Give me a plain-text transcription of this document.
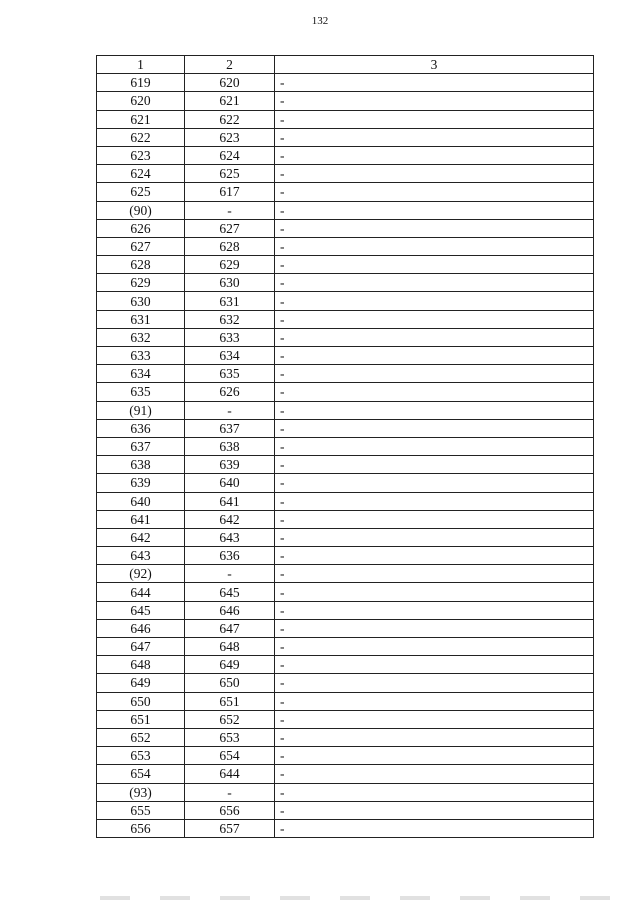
132
1	2	3
619	620	-
620	621	-
621	622	-
622	623	-
623	624	-
624	625	-
625	617	-
(90)	-	-
626	627	-
627	628	-
628	629	-
629	630	-
630	631	-
631	632	-
632	633	-
633	634	-
634	635	-
635	626	-
(91)	-	-
636	637	-
637	638	-
638	639	-
639	640	-
640	641	-
641	642	-
642	643	-
643	636	-
(92)	-	-
644	645	-
645	646	-
646	647	-
647	648	-
648	649	-
649	650	-
650	651	-
651	652	-
652	653	-
653	654	-
654	644	-
(93)	-	-
655	656	-
656	657	-
